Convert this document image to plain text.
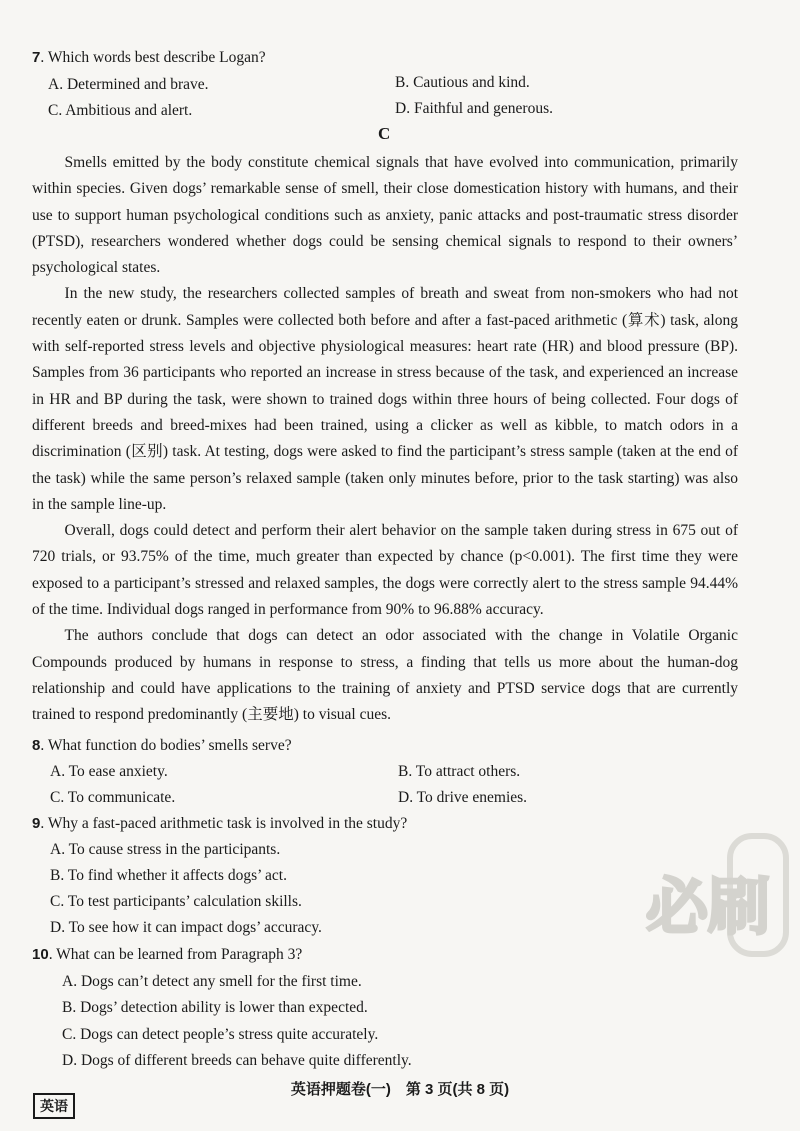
7. Which words best describe Logan?
A. Determined and brave.	B. Cautious and kind.
C. Ambitious and alert.	D. Faithful and generous.
C

Smells emitted by the body constitute chemical signals that have evolved into communication, primarily within species. Given dogs’ remarkable sense of smell, their close domestication history with humans, and their use to support human psychological conditions such as anxiety, panic attacks and post-traumatic stress disorder (PTSD), researchers wondered whether dogs could be sensing chemical signals to respond to their owners’ psychological states.

In the new study, the researchers collected samples of breath and sweat from non-smokers who had not recently eaten or drunk. Samples were collected both before and after a fast-paced arithmetic (算术) task, along with self-reported stress levels and objective physiological measures: heart rate (HR) and blood pressure (BP). Samples from 36 participants who reported an increase in stress because of the task, and experienced an increase in HR and BP during the task, were shown to trained dogs within three hours of being collected. Four dogs of different breeds and breed-mixes had been trained, using a clicker as well as kibble, to match odors in a discrimination (区别) task. At testing, dogs were asked to find the participant’s stress sample (taken at the end of the task) while the same person’s relaxed sample (taken only minutes before, prior to the task starting) was also in the sample line-up.

Overall, dogs could detect and perform their alert behavior on the sample taken during stress in 675 out of 720 trials, or 93.75% of the time, much greater than expected by chance (p<0.001). The first time they were exposed to a participant’s stressed and relaxed samples, the dogs were correctly alert to the stress sample 94.44% of the time. Individual dogs ranged in performance from 90% to 96.88% accuracy.

The authors conclude that dogs can detect an odor associated with the change in Volatile Organic Compounds produced by humans in response to stress, a finding that tells us more about the human-dog relationship and could have applications to the training of anxiety and PTSD service dogs that are currently trained to respond predominantly (主要地) to visual cues.

8. What function do bodies’ smells serve?
A. To ease anxiety.	B. To attract others.
C. To communicate.	D. To drive enemies.
9. Why a fast-paced arithmetic task is involved in the study?
A. To cause stress in the participants.
B. To find whether it affects dogs’ act.
C. To test participants’ calculation skills.
D. To see how it can impact dogs’ accuracy.
10. What can be learned from Paragraph 3?
A. Dogs can’t detect any smell for the first time.
B. Dogs’ detection ability is lower than expected.
C. Dogs can detect people’s stress quite accurately.
D. Dogs of different breeds can behave quite differently.
必刷
英语押题卷(一)　第 3 页(共 8 页)
英语
